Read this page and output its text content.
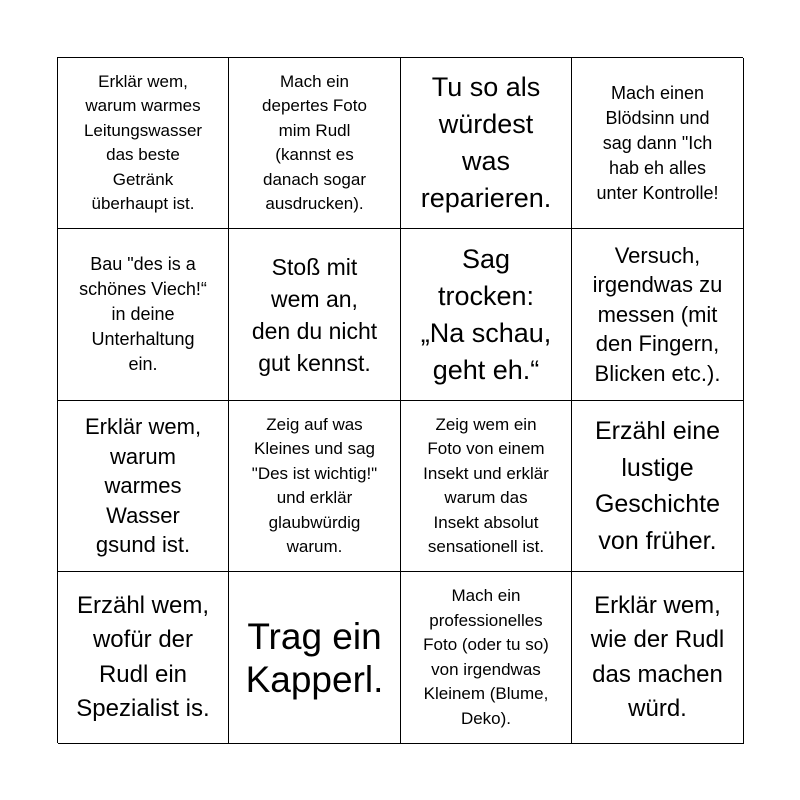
Erklär wem,
warum warmes
Leitungswasser
das beste
Getränk
überhaupt ist.
Mach ein
depertes Foto
mim Rudl
(kannst es
danach sogar
ausdrucken).
Tu so als
würdest
was
reparieren.
Mach einen
Blödsinn und
sag dann "Ich
hab eh alles
unter Kontrolle!
Bau "des is a
schönes Viech!“
in deine
Unterhaltung
ein.
Stoß mit
wem an,
den du nicht
gut kennst.
Sag
trocken:
„Na schau,
geht eh.“
Versuch,
irgendwas zu
messen (mit
den Fingern,
Blicken etc.).
Erklär wem,
warum
warmes
Wasser
gsund ist.
Zeig auf was
Kleines und sag
"Des ist wichtig!"
und erklär
glaubwürdig
warum.
Zeig wem ein
Foto von einem
Insekt und erklär
warum das
Insekt absolut
sensationell ist.
Erzähl eine
lustige
Geschichte
von früher.
Erzähl wem,
wofür der
Rudl ein
Spezialist is.
Trag ein
Kapperl.
Mach ein
professionelles
Foto (oder tu so)
von irgendwas
Kleinem (Blume,
Deko).
Erklär wem,
wie der Rudl
das machen
würd.
